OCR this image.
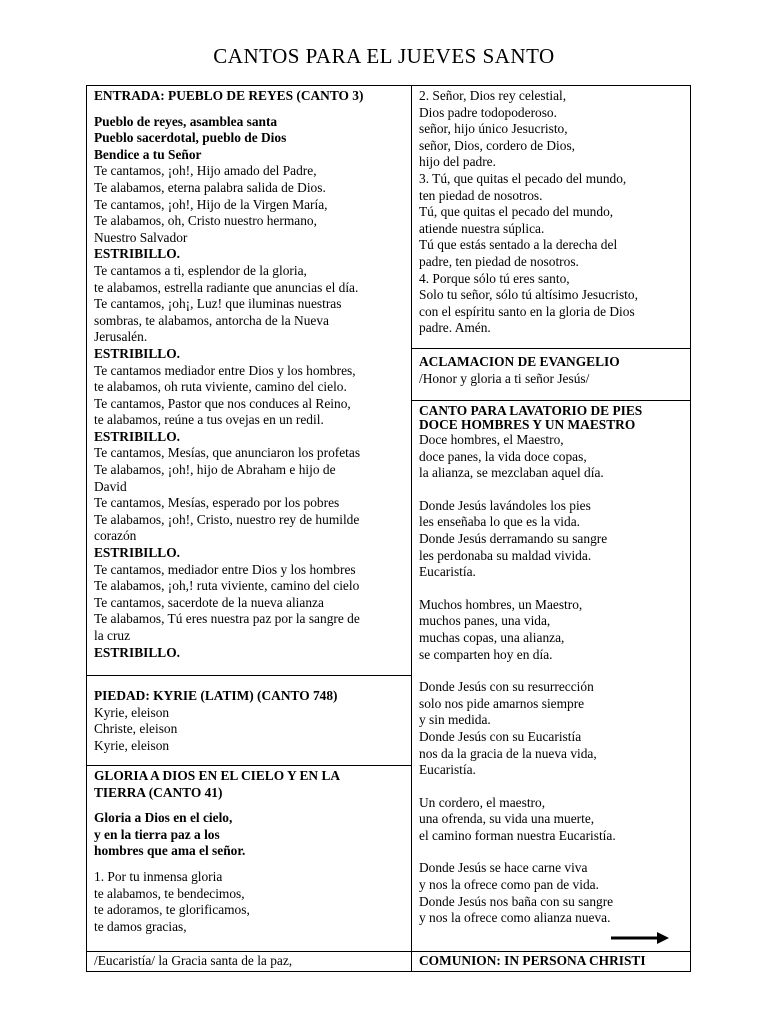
CANTOS PARA EL JUEVES SANTO
ENTRADA: PUEBLO DE REYES (CANTO 3)
Pueblo de reyes, asamblea santa
Pueblo sacerdotal, pueblo de Dios
Bendice a tu Señor
Te cantamos, ¡oh!, Hijo amado del Padre,
Te alabamos, eterna palabra salida de Dios.
Te cantamos, ¡oh!, Hijo de la Virgen María,
Te alabamos, oh, Cristo nuestro hermano,
Nuestro Salvador
ESTRIBILLO.
Te cantamos a ti, esplendor de la gloria,
te alabamos, estrella radiante que anuncias el día.
Te cantamos, ¡oh¡, Luz! que iluminas nuestras
sombras, te alabamos, antorcha de la Nueva
Jerusalén.
ESTRIBILLO.
Te cantamos mediador entre Dios y los hombres,
te alabamos, oh ruta viviente, camino del cielo.
Te cantamos, Pastor que nos conduces al Reino,
te alabamos, reúne a tus ovejas en un redil.
ESTRIBILLO.
Te cantamos, Mesías, que anunciaron los profetas
Te alabamos, ¡oh!, hijo de Abraham e hijo de
David
Te cantamos, Mesías, esperado por los pobres
Te alabamos, ¡oh!, Cristo, nuestro rey de humilde
corazón
ESTRIBILLO.
Te cantamos, mediador entre Dios y los hombres
Te alabamos, ¡oh,! ruta viviente, camino del cielo
Te cantamos, sacerdote de la nueva alianza
Te alabamos, Tú eres nuestra paz por la sangre de
la cruz
ESTRIBILLO.
PIEDAD: KYRIE (LATIM) (CANTO 748)
Kyrie, eleison
Christe, eleison
Kyrie, eleison
GLORIA A DIOS EN EL CIELO Y EN LA
TIERRA (CANTO 41)
Gloria a Dios en el cielo,
y en la tierra paz a los
hombres que ama el señor.
1. Por tu inmensa gloria
te alabamos, te bendecimos,
te adoramos, te glorificamos,
te damos gracias,
/Eucaristía/ la Gracia santa de la paz,
2. Señor, Dios rey celestial,
Dios padre todopoderoso.
señor, hijo único Jesucristo,
señor, Dios, cordero de Dios,
hijo del padre.
3. Tú, que quitas el pecado del mundo,
ten piedad de nosotros.
Tú, que quitas el pecado del mundo,
atiende nuestra súplica.
Tú que estás sentado a la derecha del
padre, ten piedad de nosotros.
4. Porque sólo tú eres santo,
Solo tu señor, sólo tú altísimo Jesucristo,
con el espíritu santo en la gloria de Dios
padre. Amén.
ACLAMACION DE EVANGELIO
/Honor y gloria a ti señor Jesús/
CANTO PARA LAVATORIO DE PIES
DOCE HOMBRES Y UN MAESTRO
Doce hombres, el Maestro,
doce panes, la vida doce copas,
la alianza, se mezclaban aquel día.
Donde Jesús lavándoles los pies
les enseñaba lo que es la vida.
Donde Jesús derramando su sangre
les perdonaba su maldad vivida.
Eucaristía.
Muchos hombres, un Maestro,
muchos panes, una vida,
muchas copas, una alianza,
se comparten hoy en día.
Donde Jesús con su resurrección
solo nos pide amarnos siempre
y sin medida.
Donde Jesús con su Eucaristía
nos da la gracia de la nueva vida,
Eucaristía.
Un cordero, el maestro,
una ofrenda, su vida una muerte,
el camino forman nuestra Eucaristía.
Donde Jesús se hace carne viva
y nos la ofrece como pan de vida.
Donde Jesús nos baña con su sangre
y nos la ofrece como alianza nueva.
COMUNION: IN PERSONA CHRISTI
